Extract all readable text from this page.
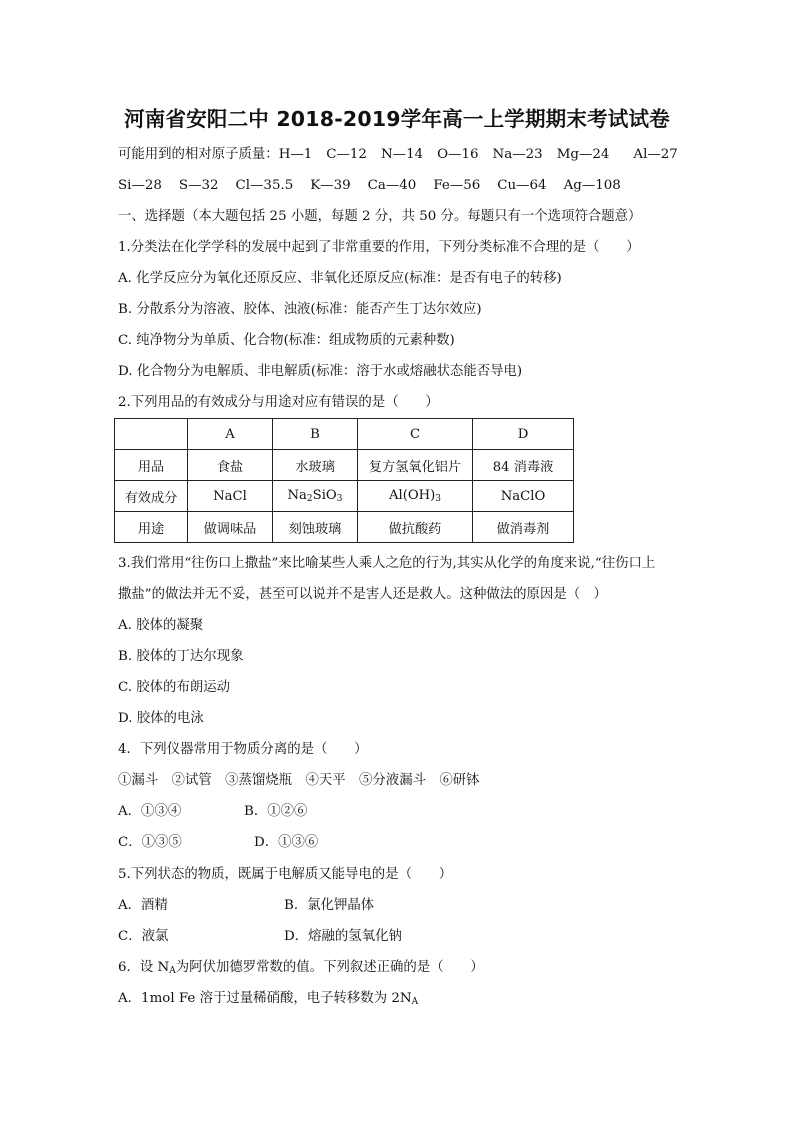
河南省安阳二中 2018-2019学年高一上学期期末考试试卷
可能用到的相对原子质量： H—1 C—12 N—14 O—16 Na—23 Mg—24 Al—27
Si—28 S—32 Cl—35.5 K—39 Ca—40 Fe—56 Cu—64 Ag—108
一、选择题（本大题包括 25 小题，每题 2 分，共 50 分。每题只有一个选项符合题意）
1.分类法在化学学科的发展中起到了非常重要的作用，下列分类标准不合理的是（　　）
A. 化学反应分为氧化还原反应、非氧化还原反应(标准：是否有电子的转移)
B. 分散系分为溶液、胶体、浊液(标准：能否产生丁达尔效应)
C. 纯净物分为单质、化合物(标准：组成物质的元素种数)
D. 化合物分为电解质、非电解质(标准：溶于水或熔融状态能否导电)
2.下列用品的有效成分与用途对应有错误的是（　　）
	A	B	C	D
用品	食盐	水玻璃	复方氢氧化铝片	84 消毒液
有效成分	NaCl	$Na_2SiO_3$	$Al(OH)_3$	NaClO
用途	做调味品	刻蚀玻璃	做抗酸药	做消毒剂
3.我们常用“往伤口上撒盐”来比喻某些人乘人之危的行为,其实从化学的角度来说,“往伤口上
撒盐”的做法并无不妥，甚至可以说并不是害人还是救人。这种做法的原因是（　）
A. 胶体的凝聚
B. 胶体的丁达尔现象
C. 胶体的布朗运动
D. 胶体的电泳
4．下列仪器常用于物质分离的是（　　）
①漏斗　②试管　③蒸馏烧瓶　④天平　⑤分液漏斗　⑥研钵
A．①③④	B．①②⑥
C．①③⑤	D．①③⑥
5.下列状态的物质，既属于电解质又能导电的是（　　）
A．酒精	B．氯化钾晶体
C．液氯	D．熔融的氢氧化钠
6．设 $N_A$为阿伏加德罗常数的值。下列叙述正确的是（　　）
A．1mol Fe 溶于过量稀硝酸，电子转移数为 $2N_A$
